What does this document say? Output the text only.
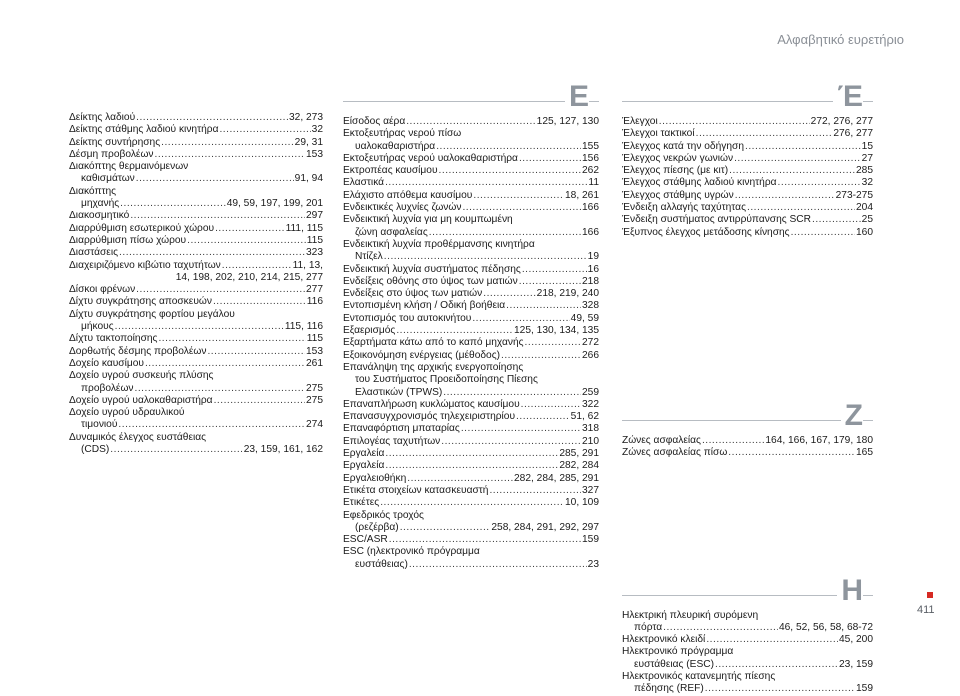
Αλφαβητικό ευρετήριο
Δείκτης λαδιού .....	32, 273
Δείκτης στάθμης λαδιού κινητήρα .....	32
Δείκτης συντήρησης .....	29, 31
Δέσμη προβολέων .....	153
Διακόπτης θερμαινόμενων
καθισμάτων .....	91, 94
Διακόπτης
μηχανής .....	49, 59, 197, 199, 201
Διακοσμητικό .....	297
Διαρρύθμιση εσωτερικού χώρου .....	111, 115
Διαρρύθμιση πίσω χώρου .....	115
Διαστάσεις .....	323
Διαχειριζόμενο κιβώτιο ταχυτήτων .....	11, 13,
14, 198, 202, 210, 214, 215, 277
Δίσκοι φρένων .....	277
Δίχτυ συγκράτησης αποσκευών .....	116
Δίχτυ συγκράτησης φορτίου μεγάλου
μήκους .....	115, 116
Δίχτυ τακτοποίησης .....	115
Δορθωτής δέσμης προβολέων .....	153
Δοχείο καυσίμου .....	261
Δοχείο υγρού συσκευής πλύσης
προβολέων .....	275
Δοχείο υγρού υαλοκαθαριστήρα .....	275
Δοχείο υγρού υδραυλικού
τιμονιού .....	274
Δυναμικός έλεγχος ευστάθειας
(CDS) .....	23, 159, 161, 162
E
Είσοδος αέρα .....	125, 127, 130
Εκτοξευτήρας νερού πίσω
υαλοκαθαριστήρα .....	155
Εκτοξευτήρας νερού υαλοκαθαριστήρα .....	156
Εκτροπέας καυσίμου .....	262
Ελαστικά .....	11
Ελάχιστο απόθεμα καυσίμου .....	18, 261
Ενδεικτικές λυχνίες ζωνών .....	166
Ενδεικτική λυχνία για μη κουμπωμένη
ζώνη ασφαλείας .....	166
Ενδεικτική λυχνία προθέρμανσης κινητήρα
Ντίζελ .....	19
Ενδεικτική λυχνία συστήματος πέδησης .....	16
Ενδείξεις οθόνης στο ύψος των ματιών .....	218
Ενδείξεις στο ύψος των ματιών .....	218, 219, 240
Εντοπισμένη κλήση / Οδική βοήθεια .....	328
Εντοπισμός του αυτοκινήτου .....	49, 59
Εξαερισμός .....	125, 130, 134, 135
Εξαρτήματα κάτω από το καπό μηχανής .....	272
Εξοικονόμηση ενέργειας (μέθοδος) .....	266
Επανάληψη της αρχικής ενεργοποίησης
του Συστήματος Προειδοποίησης Πίεσης
Ελαστικών (TPWS) .....	259
Επαναπλήρωση κυκλώματος καυσίμου .....	322
Επανασυγχρονισμός τηλεχειριστηρίου .....	51, 62
Επαναφόρτιση μπαταρίας .....	318
Επιλογέας ταχυτήτων .....	210
Εργαλεία .....	285, 291
Εργαλεία .....	282, 284
Εργαλειοθήκη .....	282, 284, 285, 291
Ετικέτα στοιχείων κατασκευαστή .....	327
Ετικέτες .....	10, 109
Εφεδρικός τροχός
(ρεζέρβα) .....	258, 284, 291, 292, 297
ESC/ASR .....	159
ESC (ηλεκτρονικό πρόγραμμα
ευστάθειας) .....	23
Έ
Έλεγχοι .....	272, 276, 277
Έλεγχοι τακτικοί .....	276, 277
Έλεγχος κατά την οδήγηση .....	15
Έλεγχος νεκρών γωνιών .....	27
Έλεγχος πίεσης (με κιτ) .....	285
Έλεγχος στάθμης λαδιού κινητήρα .....	32
Έλεγχος στάθμης υγρών .....	273-275
Ένδειξη αλλαγής ταχύτητας .....	204
Ένδειξη συστήματος αντιρρύπανσης SCR .....	25
Έξυπνος έλεγχος μετάδοσης κίνησης .....	160
Z
Ζώνες ασφαλείας .....	164, 166, 167, 179, 180
Ζώνες ασφαλείας πίσω .....	165
H
Ηλεκτρική πλευρική συρόμενη
πόρτα .....	46, 52, 56, 58, 68-72
Ηλεκτρονικό κλειδί .....	45, 200
Ηλεκτρονικό πρόγραμμα
ευστάθειας (ESC) .....	23, 159
Ηλεκτρονικός κατανεμητής πίεσης
πέδησης (REF) .....	159
411
